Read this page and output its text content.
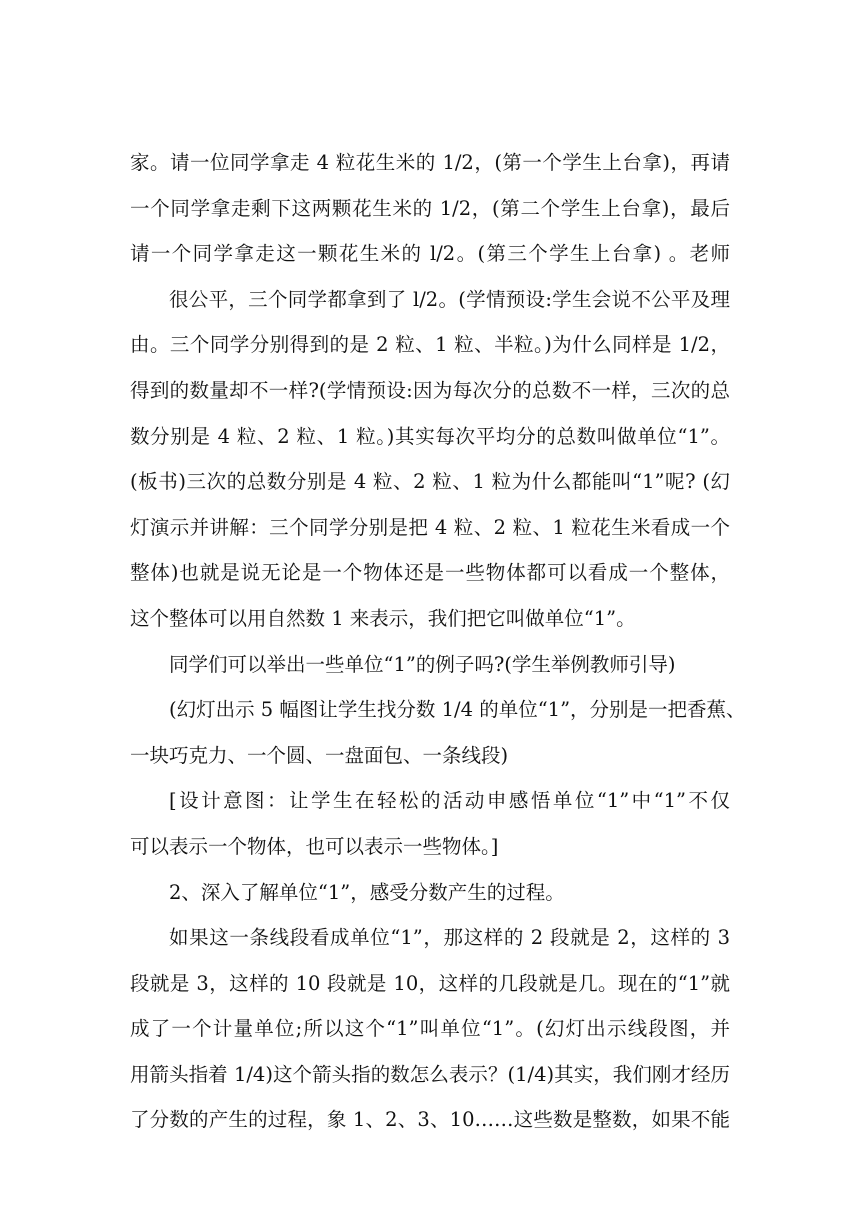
家。请一位同学拿走 4 粒花生米的 1/2，(第一个学生上台拿)，再请
一个同学拿走剩下这两颗花生米的 1/2，(第二个学生上台拿)，最后
请一个同学拿走这一颗花生米的 l/2。(第三个学生上台拿) 。老师
很公平，三个同学都拿到了 l/2。(学情预设:学生会说不公平及理
由。三个同学分别得到的是 2 粒、1 粒、半粒。)为什么同样是 1/2，
得到的数量却不一样?(学情预设:因为每次分的总数不一样，三次的总
数分别是 4 粒、2 粒、1 粒。)其实每次平均分的总数叫做单位“1”。
(板书)三次的总数分别是 4 粒、2 粒、1 粒为什么都能叫“1”呢? (幻
灯演示并讲解：三个同学分别是把 4 粒、2 粒、1 粒花生米看成一个
整体)也就是说无论是一个物体还是一些物体都可以看成一个整体，
这个整体可以用自然数 1 来表示，我们把它叫做单位“1”。
同学们可以举出一些单位“1”的例子吗?(学生举例教师引导)
(幻灯出示 5 幅图让学生找分数 1/4 的单位“1”，分别是一把香蕉、
一块巧克力、一个圆、一盘面包、一条线段)
[设计意图：让学生在轻松的活动申感悟单位“1”中“1”不仅
可以表示一个物体，也可以表示一些物体。]
2、深入了解单位“1”，感受分数产生的过程。
如果这一条线段看成单位“1”，那这样的 2 段就是 2，这样的 3
段就是 3，这样的 10 段就是 10，这样的几段就是几。现在的“1”就
成了一个计量单位;所以这个“1”叫单位“1”。(幻灯出示线段图，并
用箭头指着 1/4)这个箭头指的数怎么表示？(1/4)其实，我们刚才经历
了分数的产生的过程，象 1、2、3、10……这些数是整数，如果不能
